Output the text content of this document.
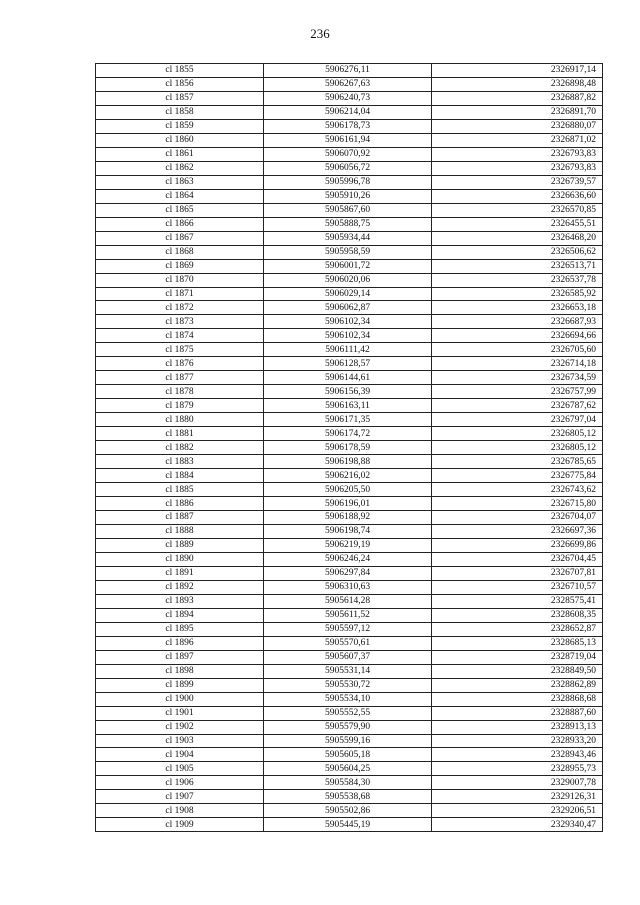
236
cl 1855	5906276,11	2326917,14
cl 1856	5906267,63	2326898,48
cl 1857	5906240,73	2326887,82
cl 1858	5906214,04	2326891,70
cl 1859	5906178,73	2326880,07
cl 1860	5906161,94	2326871,02
cl 1861	5906070,92	2326793,83
cl 1862	5906056,72	2326793,83
cl 1863	5905996,78	2326739,57
cl 1864	5905910,26	2326636,60
cl 1865	5905867,60	2326570,85
cl 1866	5905888,75	2326455,51
cl 1867	5905934,44	2326468,20
cl 1868	5905958,59	2326506,62
cl 1869	5906001,72	2326513,71
cl 1870	5906020,06	2326537,78
cl 1871	5906029,14	2326585,92
cl 1872	5906062,87	2326653,18
cl 1873	5906102,34	2326687,93
cl 1874	5906102,34	2326694,66
cl 1875	5906111,42	2326705,60
cl 1876	5906128,57	2326714,18
cl 1877	5906144,61	2326734,59
cl 1878	5906156,39	2326757,99
cl 1879	5906163,11	2326787,62
cl 1880	5906171,35	2326797,04
cl 1881	5906174,72	2326805,12
cl 1882	5906178,59	2326805,12
cl 1883	5906198,88	2326785,65
cl 1884	5906216,02	2326775,84
cl 1885	5906205,50	2326743,62
cl 1886	5906196,01	2326715,80
cl 1887	5906188,92	2326704,07
cl 1888	5906198,74	2326697,36
cl 1889	5906219,19	2326699,86
cl 1890	5906246,24	2326704,45
cl 1891	5906297,84	2326707,81
cl 1892	5906310,63	2326710,57
cl 1893	5905614,28	2328575,41
cl 1894	5905611,52	2328608,35
cl 1895	5905597,12	2328652,87
cl 1896	5905570,61	2328685,13
cl 1897	5905607,37	2328719,04
cl 1898	5905531,14	2328849,50
cl 1899	5905530,72	2328862,89
cl 1900	5905534,10	2328868,68
cl 1901	5905552,55	2328887,60
cl 1902	5905579,90	2328913,13
cl 1903	5905599,16	2328933,20
cl 1904	5905605,18	2328943,46
cl 1905	5905604,25	2328955,73
cl 1906	5905584,30	2329007,78
cl 1907	5905538,68	2329126,31
cl 1908	5905502,86	2329206,51
cl 1909	5905445,19	2329340,47
